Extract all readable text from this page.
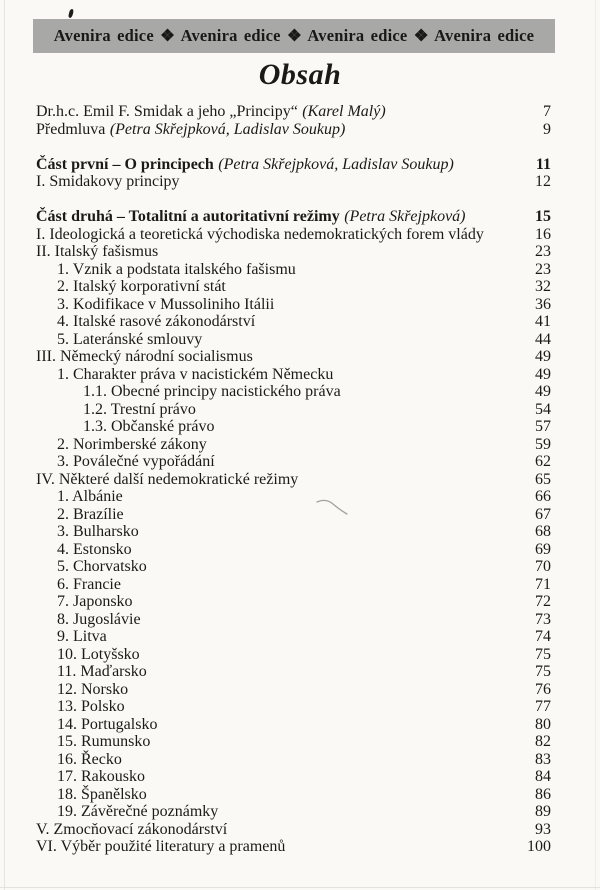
Avenira edice ❖ Avenira edice ❖ Avenira edice ❖ Avenira edice
Obsah
Dr.h.c. Emil F. Smidak a jeho „Principy“ (Karel Malý)	7
Předmluva (Petra Skřejpková, Ladislav Soukup)	9
Část první – O principech (Petra Skřejpková, Ladislav Soukup)	11
I. Smidakovy principy	12
Část druhá – Totalitní a autoritativní režimy (Petra Skřejpková)	15
I. Ideologická a teoretická východiska nedemokratických forem vlády	16
II. Italský fašismus	23
1. Vznik a podstata italského fašismu	23
2. Italský korporativní stát	32
3. Kodifikace v Mussoliniho Itálii	36
4. Italské rasové zákonodárství	41
5. Lateránské smlouvy	44
III. Německý národní socialismus	49
1. Charakter práva v nacistickém Německu	49
1.1. Obecné principy nacistického práva	49
1.2. Trestní právo	54
1.3. Občanské právo	57
2. Norimberské zákony	59
3. Poválečné vypořádání	62
IV. Některé další nedemokratické režimy	65
1. Albánie	66
2. Brazílie	67
3. Bulharsko	68
4. Estonsko	69
5. Chorvatsko	70
6. Francie	71
7. Japonsko	72
8. Jugoslávie	73
9. Litva	74
10. Lotyšsko	75
11. Maďarsko	75
12. Norsko	76
13. Polsko	77
14. Portugalsko	80
15. Rumunsko	82
16. Řecko	83
17. Rakousko	84
18. Španělsko	86
19. Závěrečné poznámky	89
V. Zmocňovací zákonodárství	93
VI. Výběr použité literatury a pramenů	100
